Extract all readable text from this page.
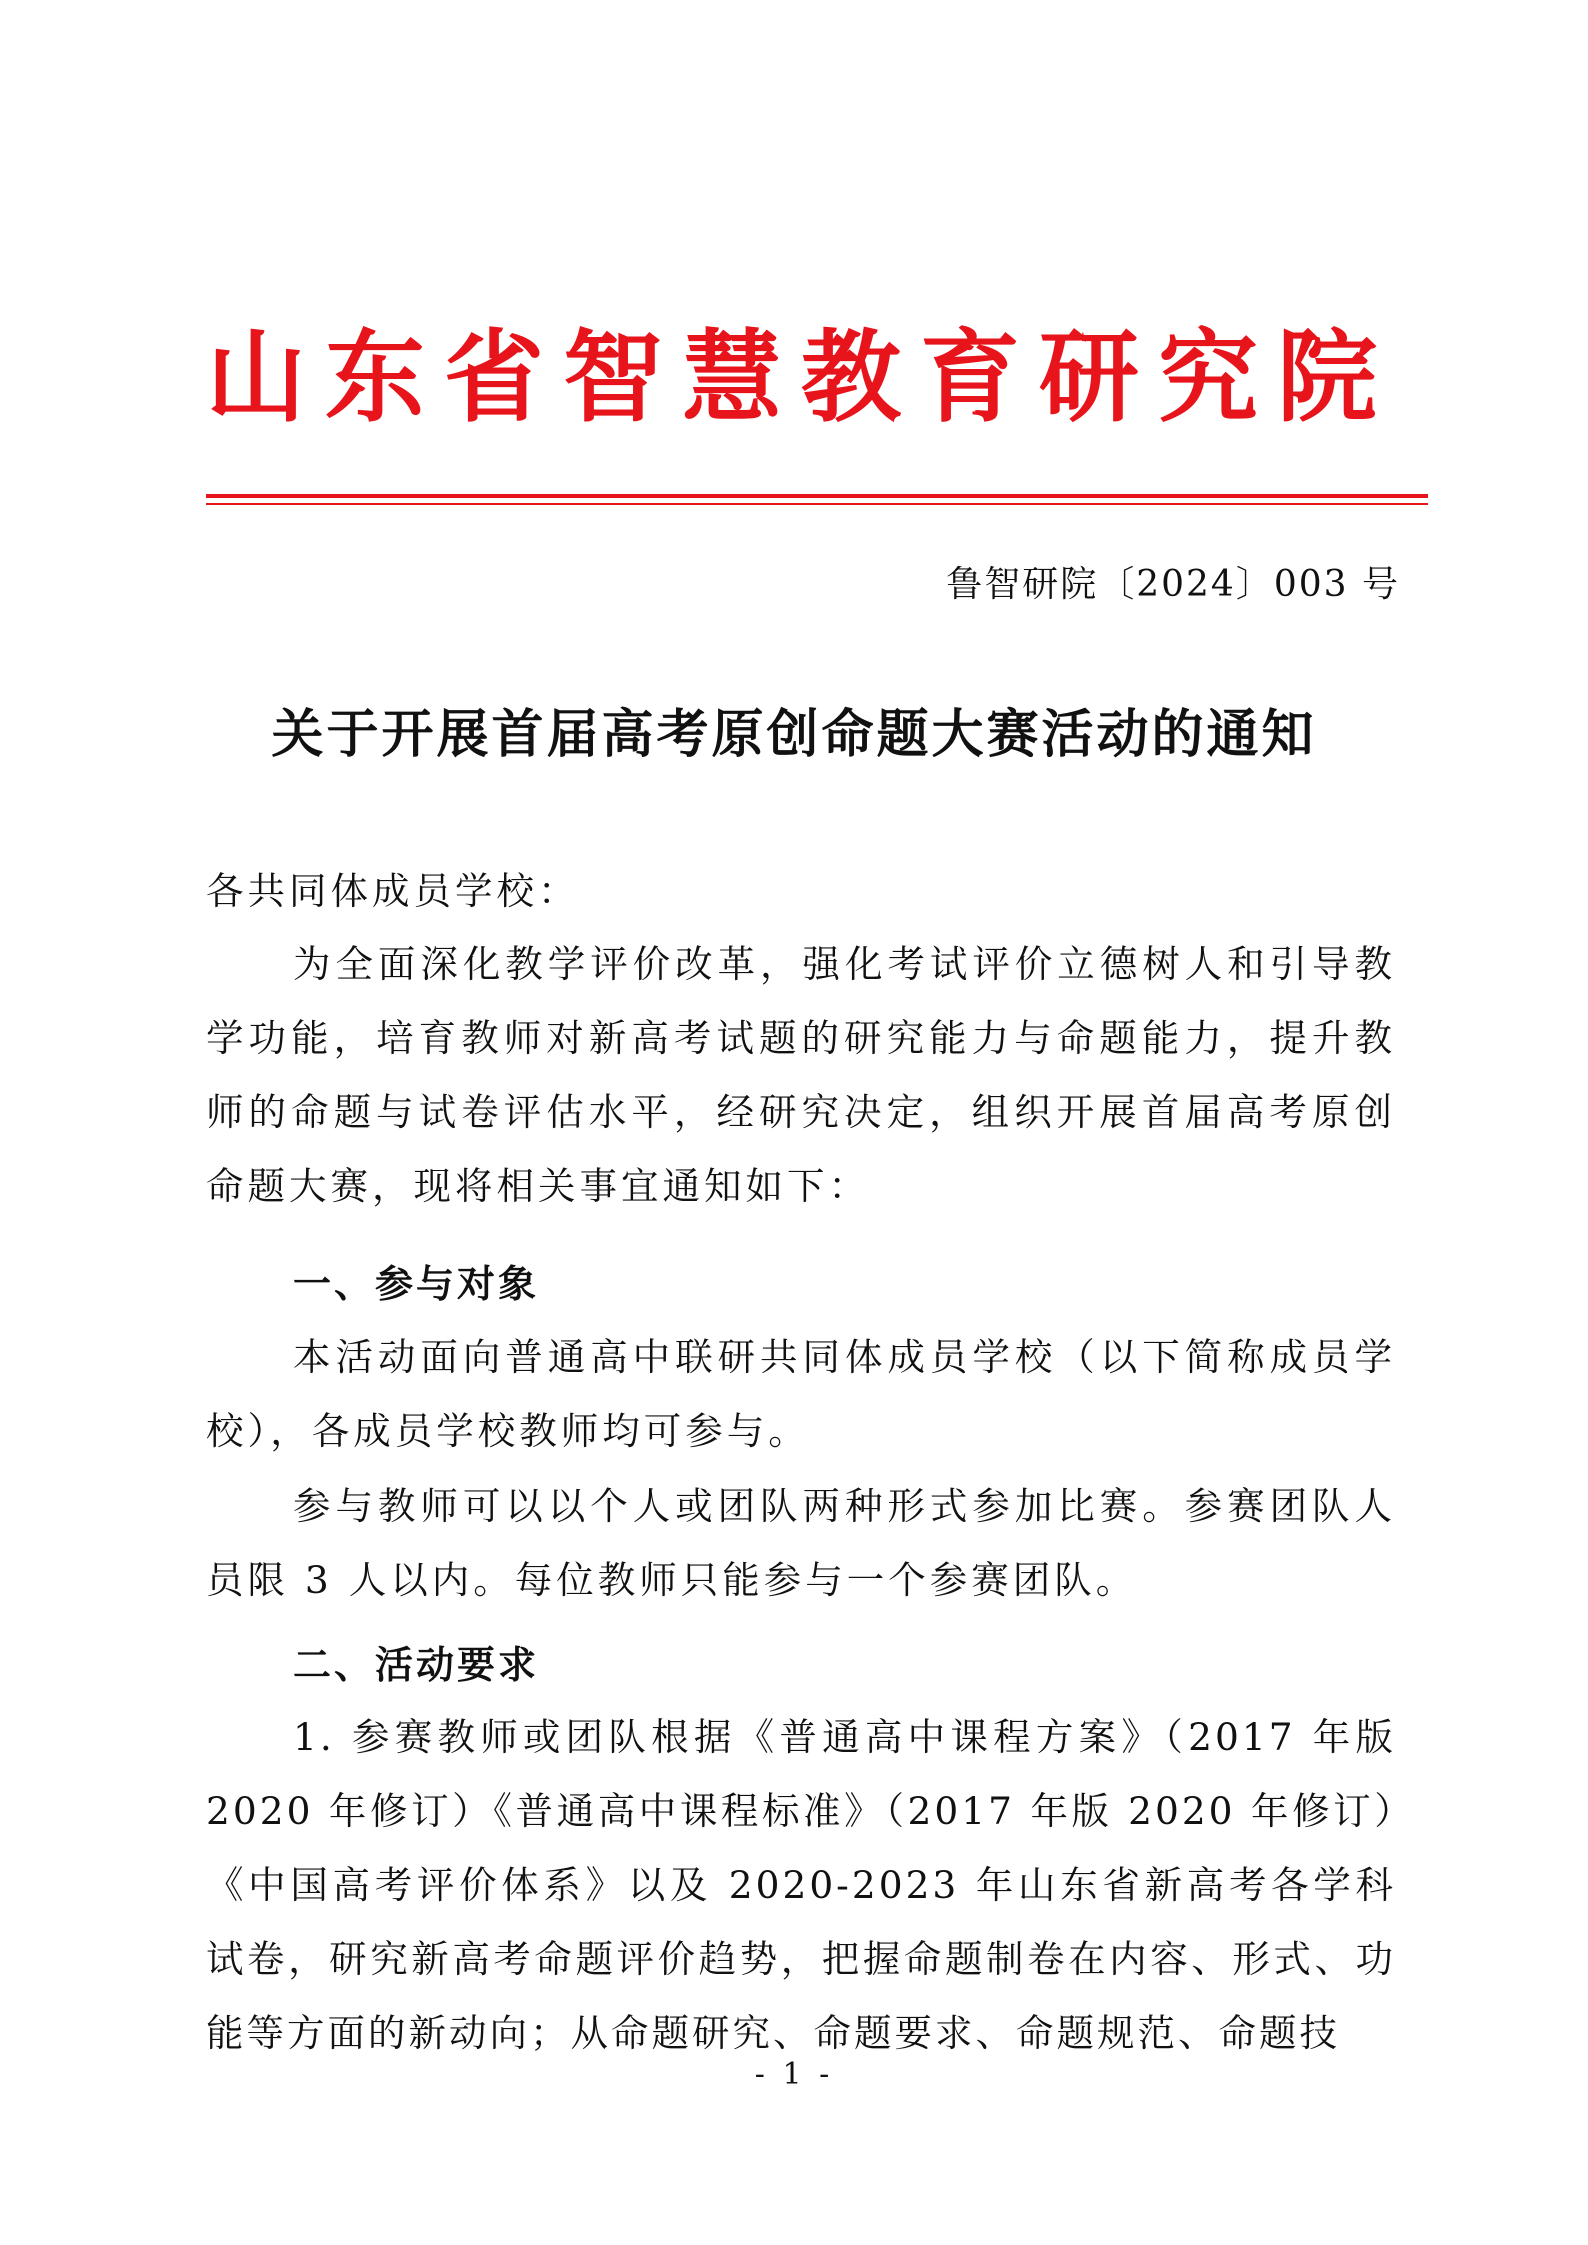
山东省智慧教育研究院
鲁智研院〔2024〕003 号
关于开展首届高考原创命题大赛活动的通知

各共同体成员学校：

为全面深化教学评价改革，强化考试评价立德树人和引导教学功能，培育教师对新高考试题的研究能力与命题能力，提升教师的命题与试卷评估水平，经研究决定，组织开展首届高考原创命题大赛，现将相关事宜通知如下：

一、参与对象

本活动面向普通高中联研共同体成员学校（以下简称成员学校），各成员学校教师均可参与。

参与教师可以以个人或团队两种形式参加比赛。参赛团队人员限 3 人以内。每位教师只能参与一个参赛团队。

二、活动要求

1. 参赛教师或团队根据《普通高中课程方案》（2017 年版 2020 年修订）《普通高中课程标准》（2017 年版 2020 年修订）《中国高考评价体系》以及 2020-2023 年山东省新高考各学科试卷，研究新高考命题评价趋势，把握命题制卷在内容、形式、功能等方面的新动向；从命题研究、命题要求、命题规范、命题技

- 1 -
